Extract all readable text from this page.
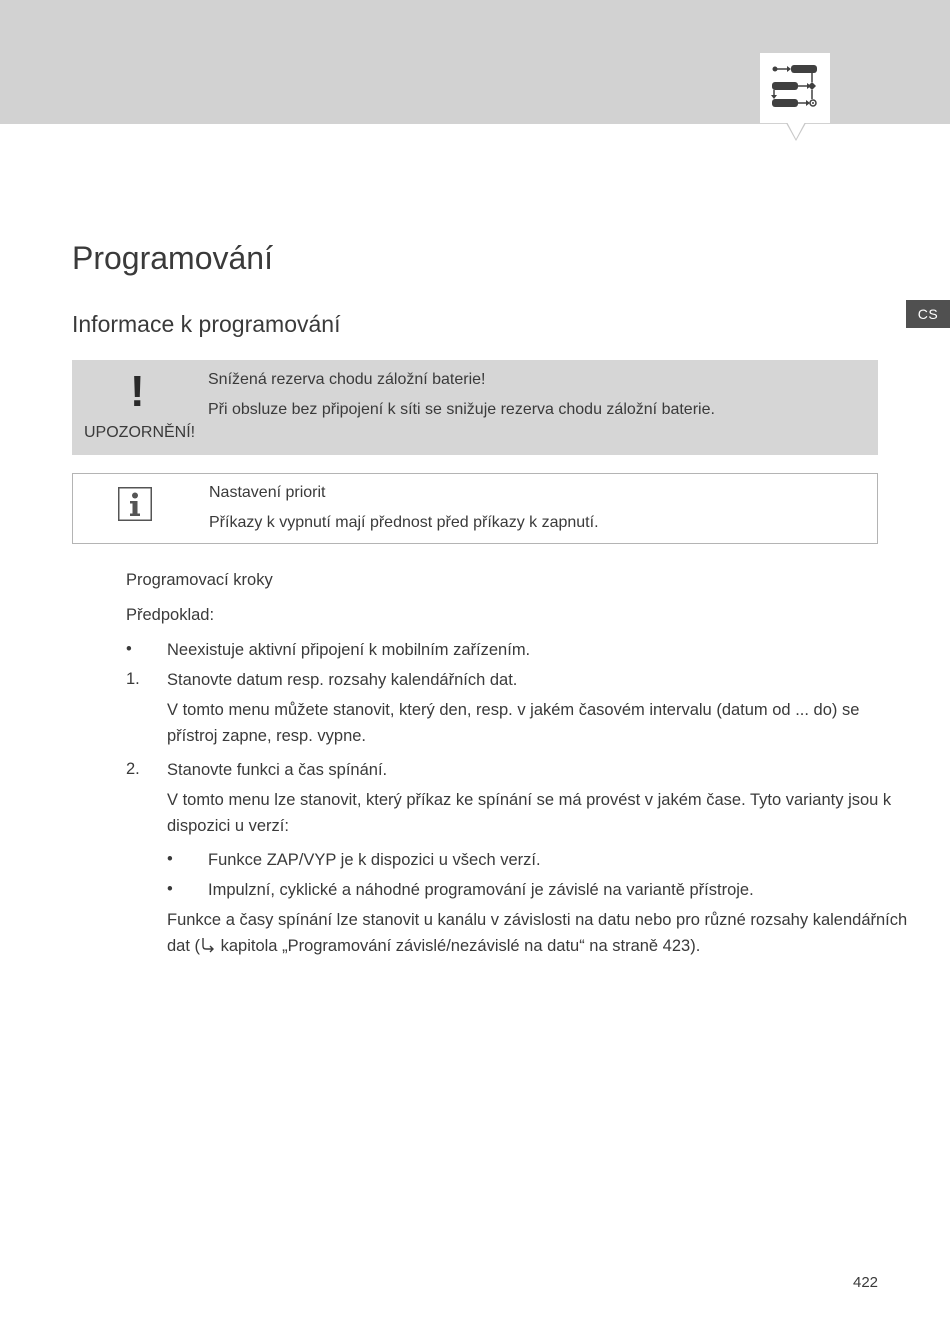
CS
Programování
Informace k programování
!
UPOZORNĚNÍ!
Snížená rezerva chodu záložní baterie!
Při obsluze bez připojení k síti se snižuje rezerva chodu záložní baterie.
Nastavení priorit
Příkazy k vypnutí mají přednost před příkazy k zapnutí.
Programovací kroky
Předpoklad:
• Neexistuje aktivní připojení k mobilním zařízením.
1. Stanovte datum resp. rozsahy kalendářních dat.
V tomto menu můžete stanovit, který den, resp. v jakém časovém intervalu (datum od ... do) se
přístroj zapne, resp. vypne.
2. Stanovte funkci a čas spínání.
V tomto menu lze stanovit, který příkaz ke spínání se má provést v jakém čase. Tyto varianty jsou k
dispozici u verzí:
• Funkce ZAP/VYP je k dispozici u všech verzí.
• Impulzní, cyklické a náhodné programování je závislé na variantě přístroje.
Funkce a časy spínání lze stanovit u kanálu v závislosti na datu nebo pro různé rozsahy kalendářních
dat ( kapitola „Programování závislé/nezávislé na datu“ na straně 423).
422
